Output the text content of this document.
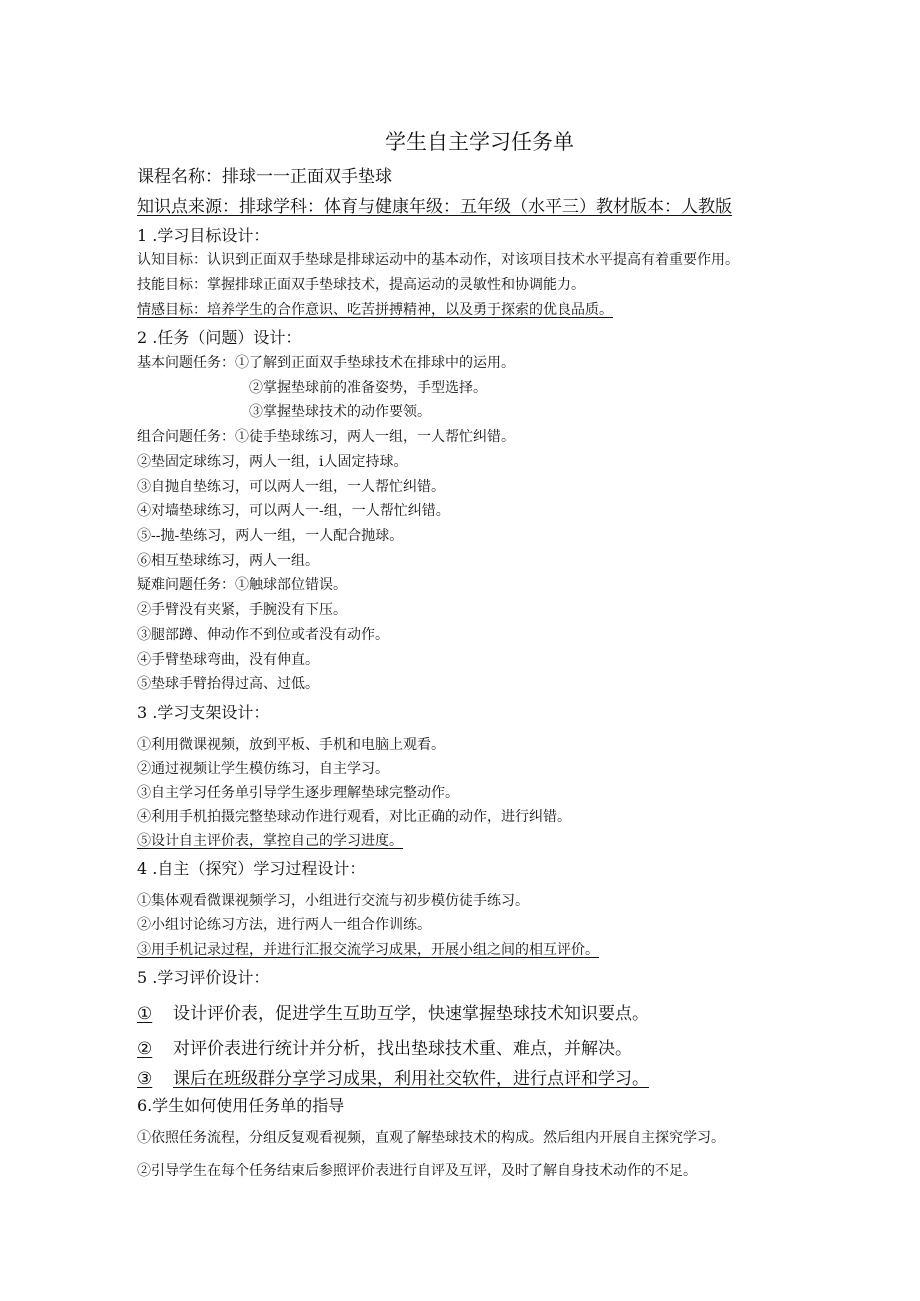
学生自主学习任务单
课程名称：排球一一正面双手垫球
知识点来源：排球学科：体育与健康年级：五年级（水平三）教材版本：人教版
1 .学习目标设计：
认知目标：认识到正面双手垫球是排球运动中的基本动作，对该项目技术水平提高有着重要作用。
技能目标：掌握排球正面双手垫球技术，提高运动的灵敏性和协调能力。
情感目标：培养学生的合作意识、吃苦拼搏精神，以及勇于探索的优良品质。
2 .任务（问题）设计：
基本问题任务：①了解到正面双手垫球技术在排球中的运用。
②掌握垫球前的准备姿势，手型选择。
③掌握垫球技术的动作要领。
组合问题任务：①徒手垫球练习，两人一组，一人帮忙纠错。
②垫固定球练习，两人一组，i人固定持球。
③自抛自垫练习，可以两人一组，一人帮忙纠错。
④对墙垫球练习，可以两人一-组，一人帮忙纠错。
⑤--抛-垫练习，两人一组，一人配合抛球。
⑥相互垫球练习，两人一组。
疑难问题任务：①触球部位错误。
②手臂没有夹紧，手腕没有下压。
③腿部蹲、伸动作不到位或者没有动作。
④手臂垫球弯曲，没有伸直。
⑤垫球手臂抬得过高、过低。
3 .学习支架设计：
①利用微课视频，放到平板、手机和电脑上观看。
②通过视频让学生模仿练习，自主学习。
③自主学习任务单引导学生逐步理解垫球完整动作。
④利用手机拍摄完整垫球动作进行观看，对比正确的动作，进行纠错。
⑤设计自主评价表，掌控自己的学习进度。
4 .自主（探究）学习过程设计：
①集体观看微课视频学习，小组进行交流与初步模仿徒手练习。
②小组讨论练习方法，进行两人一组合作训练。
③用手机记录过程，并进行汇报交流学习成果，开展小组之间的相互评价。
5 .学习评价设计：
① 设计评价表，促进学生互助互学，快速掌握垫球技术知识要点。
② 对评价表进行统计并分析，找出垫球技术重、难点，并解决。
③ 课后在班级群分享学习成果，利用社交软件，进行点评和学习。
6.学生如何使用任务单的指导
①依照任务流程，分组反复观看视频，直观了解垫球技术的构成。然后组内开展自主探究学习。
②引导学生在每个任务结束后参照评价表进行自评及互评，及时了解自身技术动作的不足。
